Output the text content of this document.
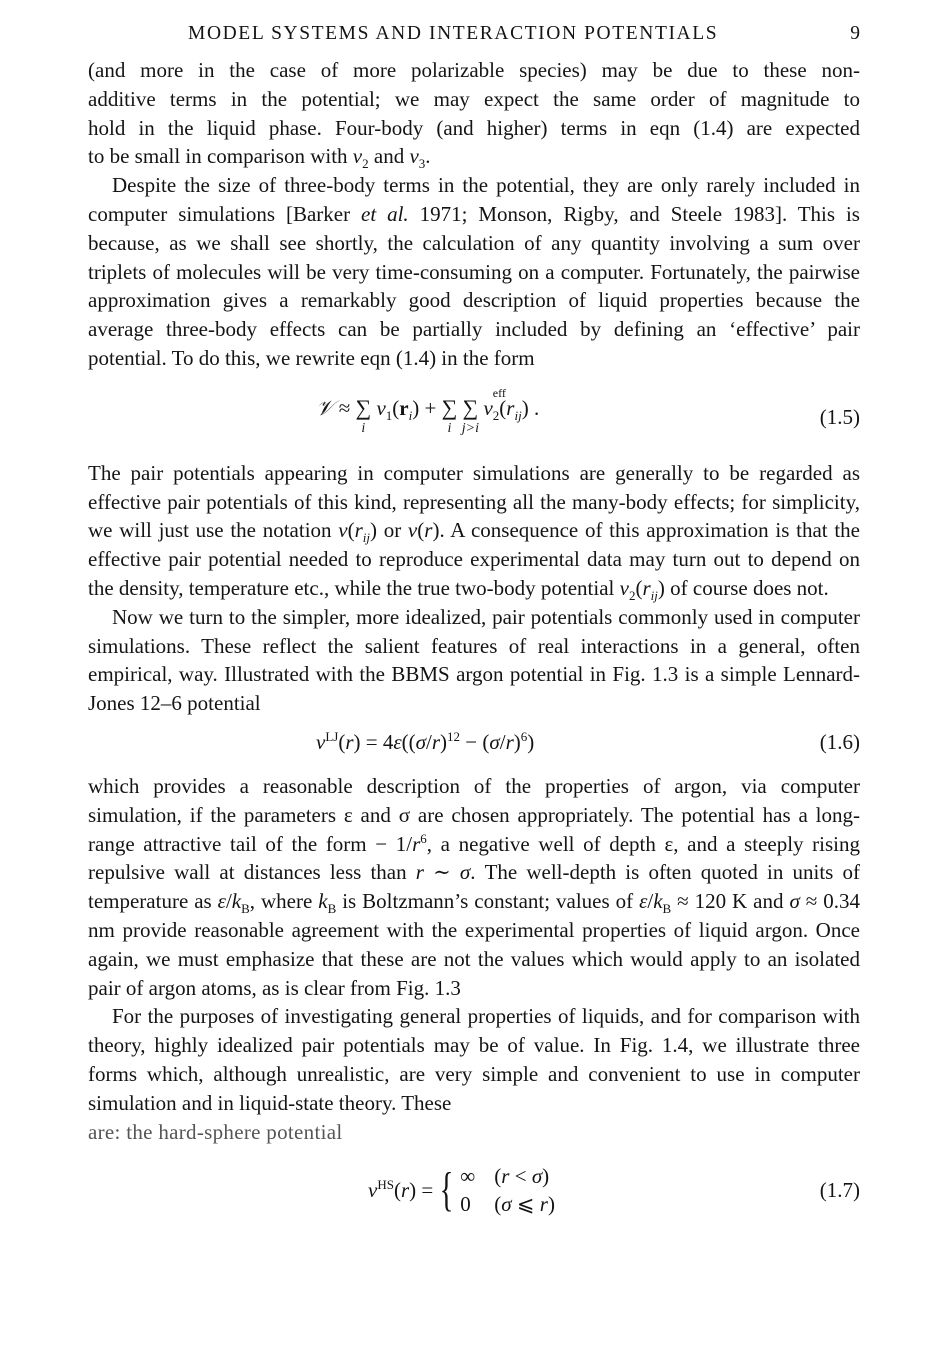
MODEL SYSTEMS AND INTERACTION POTENTIALS	9

(and more in the case of more polarizable species) may be due to these non-

additive terms in the potential; we may expect the same order of magnitude to

hold in the liquid phase. Four-body (and higher) terms in eqn (1.4) are expected

to be small in comparison with $v_2$ and $v_3$.

Despite the size of three-body terms in the potential, they are only rarely included in computer simulations [Barker et al. 1971; Monson, Rigby, and Steele 1983]. This is because, as we shall see shortly, the calculation of any quantity involving a sum over triplets of molecules will be very time-consuming on a computer. Fortunately, the pairwise approximation gives a remarkably good description of liquid properties because the average three-body effects can be partially included by defining an ‘effective’ pair potential. To do this, we rewrite eqn (1.4) in the form

𝒱 ≈ ∑
i
$v_1(r_i)$ + ∑
i
∑
j>i
v
$_{eff 2}(r_{ij})$ .	(1.5)

The pair potentials appearing in computer simulations are generally to be regarded as effective pair potentials of this kind, representing all the many-body effects; for simplicity, we will just use the notation $v(r_{ij})$ or v(r). A consequence of this approximation is that the effective pair potential needed to reproduce experimental data may turn out to depend on the density, temperature etc., while the true two-body potential $v_2(r_{ij})$ of course does not.

Now we turn to the simpler, more idealized, pair potentials commonly used in computer simulations. These reflect the salient features of real interactions in a general, often empirical, way. Illustrated with the BBMS argon potential in Fig. 1.3 is a simple Lennard-Jones 12–6 potential

$v^{LJ}(r) = 4\varepsilon((\sigma/r)^{12} - (\sigma/r)^6)$	(1.6)

which provides a reasonable description of the properties of argon, via computer simulation, if the parameters ε and σ are chosen appropriately. The potential has a long-range attractive tail of the form − $1/r^6$, a negative well of depth ε, and a steeply rising repulsive wall at distances less than r ∼ σ. The well-depth is often quoted in units of temperature as $\varepsilon/k_B$, where $k_B$ is Boltzmann’s constant; values of $\varepsilon/k_B \approx 120$ K and σ ≈ 0.34 nm provide reasonable agreement with the experimental properties of liquid argon. Once again, we must emphasize that these are not the values which would apply to an isolated pair of argon atoms, as is clear from Fig. 1.3

For the purposes of investigating general properties of liquids, and for comparison with theory, highly idealized pair potentials may be of value. In Fig. 1.4, we illustrate three forms which, although unrealistic, are very simple and convenient to use in computer simulation and in liquid-state theory. These

are: the hard-sphere potential

$v^{HS}(r)$ = { ∞ (r < σ)
0 (σ ⩽ r)
(1.7)
